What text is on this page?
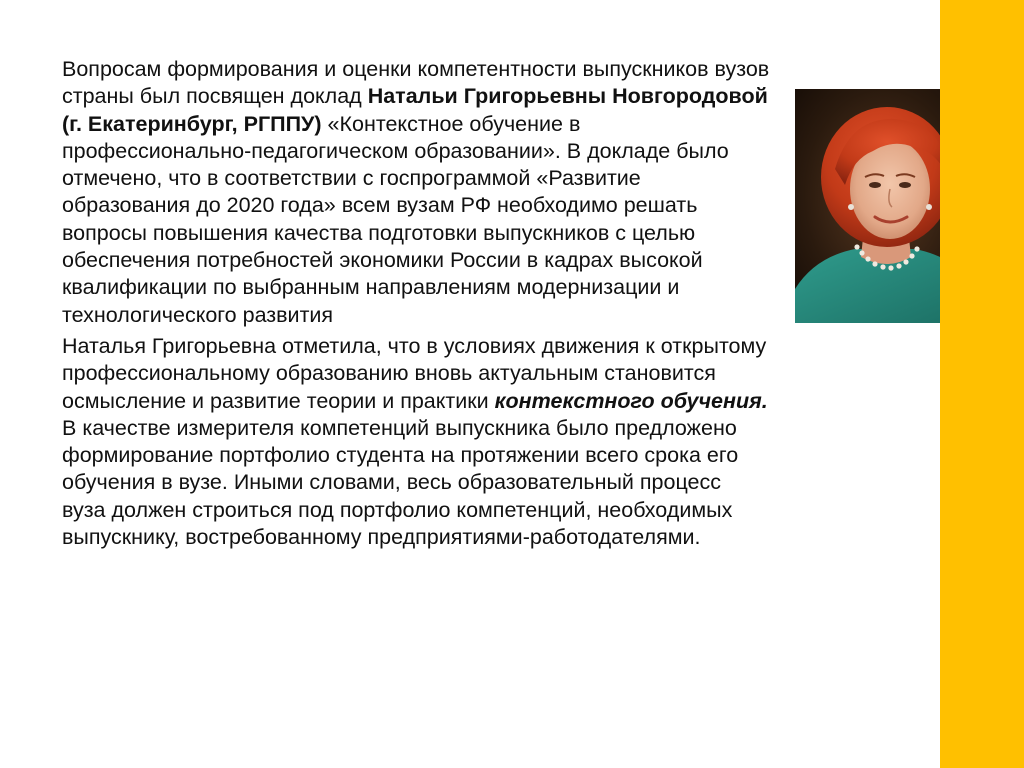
Вопросам формирования и оценки компетентности выпускников вузов страны был посвящен доклад Натальи Григорьевны Новгородовой (г. Екатеринбург, РГППУ) «Контекстное обучение в профессионально-педагогическом образовании». В докладе было отмечено, что в соответствии с госпрограммой «Развитие образования до 2020 года» всем вузам РФ необходимо решать вопросы повышения качества подготовки выпускников с целью обеспечения потребностей экономики России в кадрах высокой квалификации по выбранным направлениям модернизации и технологического развития

Наталья Григорьевна отметила, что в условиях движения к открытому профессиональному образованию вновь актуальным становится осмысление и развитие теории и практики контекстного обучения. В качестве измерителя компетенций выпускника было предложено формирование портфолио студента на протяжении всего срока его обучения в вузе. Иными словами, весь образовательный процесс вуза должен строиться под портфолио компетенций, необходимых выпускнику, востребованному предприятиями-работодателями.
